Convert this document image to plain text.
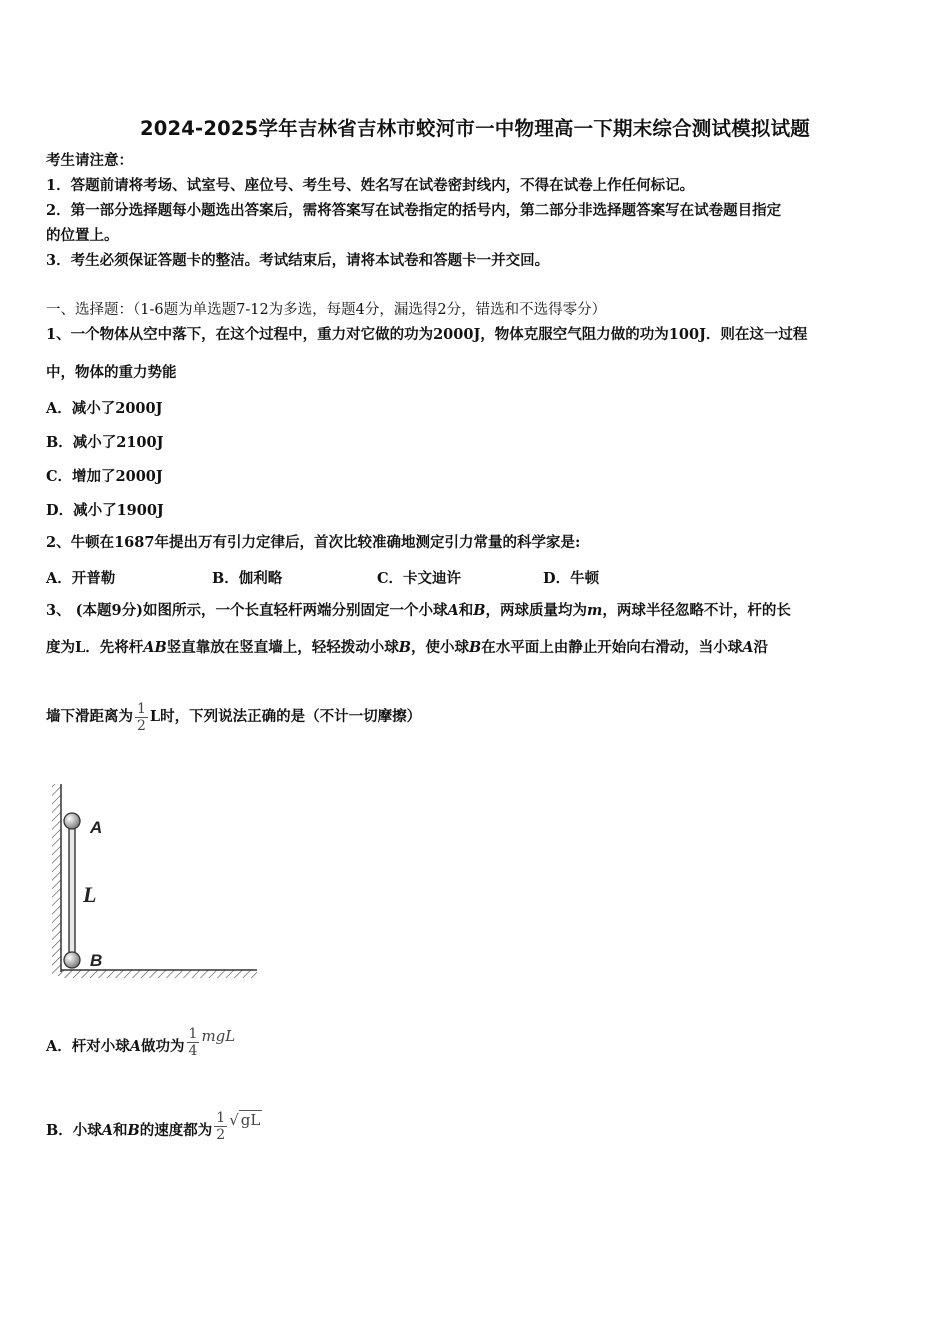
2024-2025学年吉林省吉林市蛟河市一中物理高一下期末综合测试模拟试题
考生请注意：
1．答题前请将考场、试室号、座位号、考生号、姓名写在试卷密封线内，不得在试卷上作任何标记。
2．第一部分选择题每小题选出答案后，需将答案写在试卷指定的括号内，第二部分非选择题答案写在试卷题目指定
的位置上。
3．考生必须保证答题卡的整洁。考试结束后，请将本试卷和答题卡一并交回。
一、选择题：（1-6题为单选题7-12为多选，每题4分，漏选得2分，错选和不选得零分）
1、一个物体从空中落下，在这个过程中，重力对它做的功为2000J，物体克服空气阻力做的功为100J．则在这一过程
中，物体的重力势能
A．减小了2000J
B．减小了2100J
C．增加了2000J
D．减小了1900J
2、牛顿在1687年提出万有引力定律后，首次比较准确地测定引力常量的科学家是:
A．开普勒	B．伽利略	C．卡文迪许	D．牛顿
3、 (本题9分)如图所示，一个长直轻杆两端分别固定一个小球A和B，两球质量均为m，两球半径忽略不计，杆的长
度为L．先将杆AB竖直靠放在竖直墙上，轻轻拨动小球B，使小球B在水平面上由静止开始向右滑动，当小球A沿
墙下滑距离为 $\frac{1}{2}$ L时，下列说法正确的是（不计一切摩擦）
A
L
B
A．杆对小球A做功为 $\frac{1}{4}$ mgL
B．小球A和B的速度都为 $\frac{1}{2}$ √ gL
